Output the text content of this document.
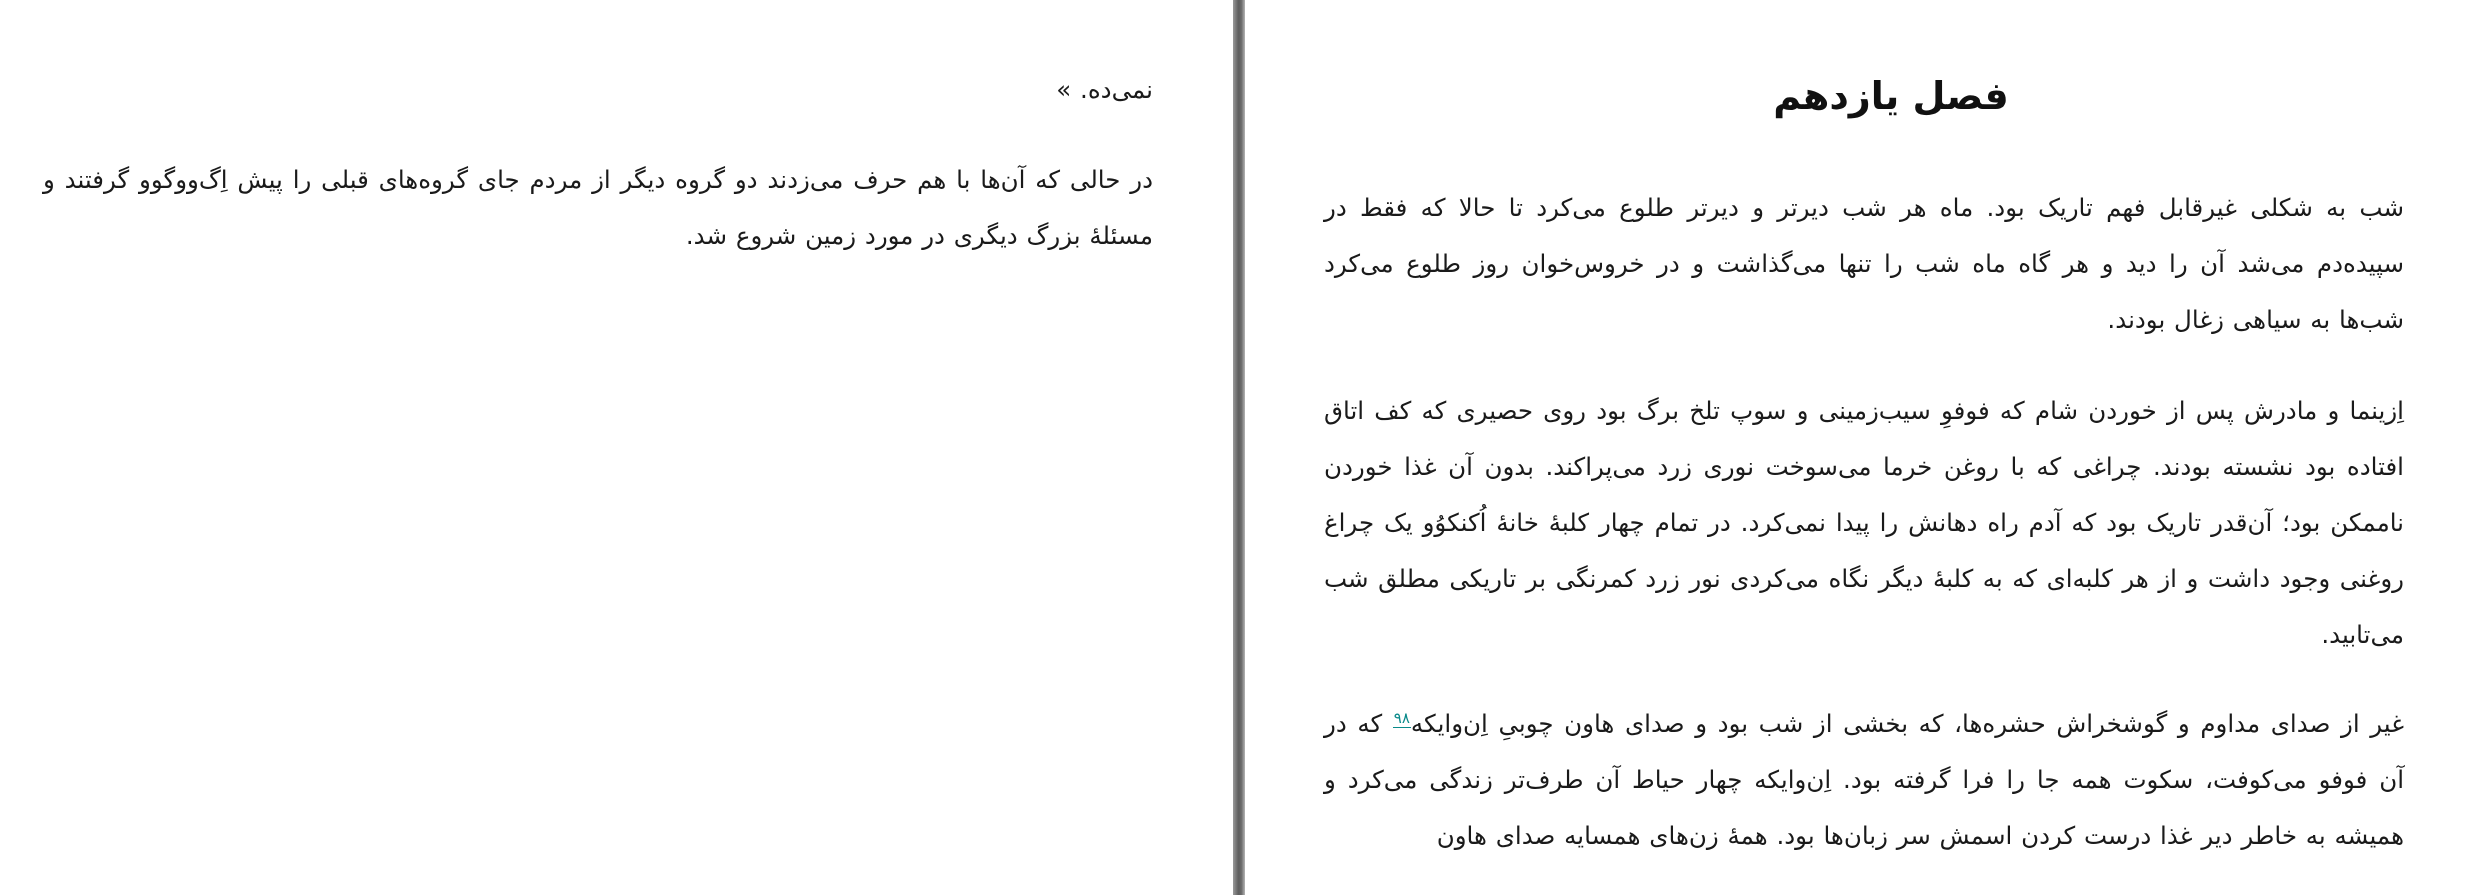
نمی‌ده. »
در حالی که آن‌ها با هم حرف می‌زدند دو گروه دیگر از مردم جای گروه‌های قبلی را پیش اِگ‌ووگوو گرفتند و مسئلهٔ بزرگ دیگری در مورد زمین شروع شد.
فصل یازدهم
شب به شکلی غیرقابل فهم تاریک بود. ماه هر شب دیرتر و دیرتر طلوع می‌کرد تا حالا که فقط در سپیده‌دم می‌شد آن را دید و هر گاه ماه شب را تنها می‌گذاشت و در خروس‌خوان روز طلوع می‌کرد شب‌ها به سیاهی زغال بودند.
اِزینما و مادرش پس از خوردن شام که فوفوِ سیب‌زمینی و سوپ تلخ برگ بود روی حصیری که کف اتاق افتاده بود نشسته بودند. چراغی که با روغن خرما می‌سوخت نوری زرد می‌پراکند. بدون آن غذا خوردن ناممکن بود؛ آن‌قدر تاریک بود که آدم راه دهانش را پیدا نمی‌کرد. در تمام چهار کلبهٔ خانهٔ اُکنکوُو یک چراغ روغنی وجود داشت و از هر کلبه‌ای که به کلبهٔ دیگر نگاه می‌کردی نور زرد کمرنگی بر تاریکی مطلق شب می‌تابید.
غیر از صدای مداوم و گوشخراش حشره‌ها، که بخشی از شب بود و صدای هاون چوبیِ اِن‌وایکه$^{۹۸}$ که در آن فوفو می‌کوفت، سکوت همه جا را فرا گرفته بود. اِن‌وایکه چهار حیاط آن طرف‌تر زندگی می‌کرد و همیشه به خاطر دیر غذا درست کردن اسمش سر زبان‌ها بود. همهٔ زن‌های همسایه صدای هاون
